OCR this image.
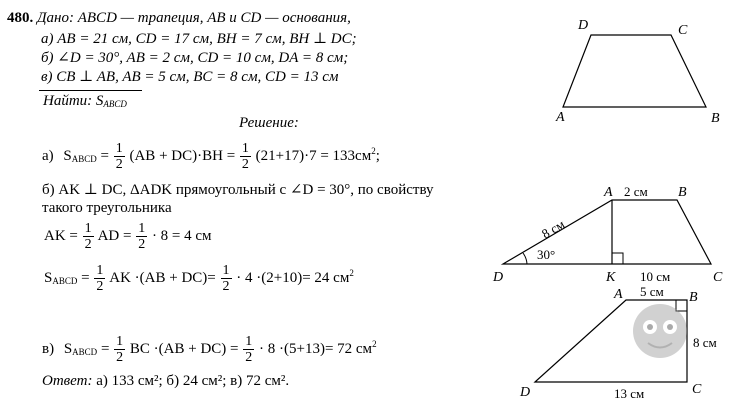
480. Дано: ABCD — трапеция, AB и CD — основания,
а) AB = 21 см, CD = 17 см, BH = 7 см, BH ⊥ DC;
б) ∠D = 30°, AB = 2 см, CD = 10 см, DA = 8 см;
в) CB ⊥ AB, AB = 5 см, BC = 8 см, CD = 13 см
Найти: $S_{ABCD}$
Решение:
а) $S_{ABCD} = \frac{1}{2} (AB + DC)\cdot BH = \frac{1}{2} (21+17)\cdot 7 = 133см^2$;
б) AK ⊥ DC, ΔADK прямоугольный с ∠D = 30°, по свойству
такого треугольника
AK = $\frac{1}{2}$ AD = $\frac{1}{2} \cdot 8 = 4$ см
$S_{ABCD} = \frac{1}{2}$ AK $\cdot(AB + DC)= \frac{1}{2} \cdot 4 \cdot(2+10)= 24$ $см^2$
в) $S_{ABCD} = \frac{1}{2}$ BC $\cdot(AB + DC) = \frac{1}{2} \cdot 8 \cdot(5+13)= 72$ $см^2$
Ответ: а) 133 см²; б) 24 см²; в) 72 см².
D	C
A	B
A	B
D	K	C
2 см
10 см
30°
8 см
A	B
D	C
5 см
8 см
13 см
